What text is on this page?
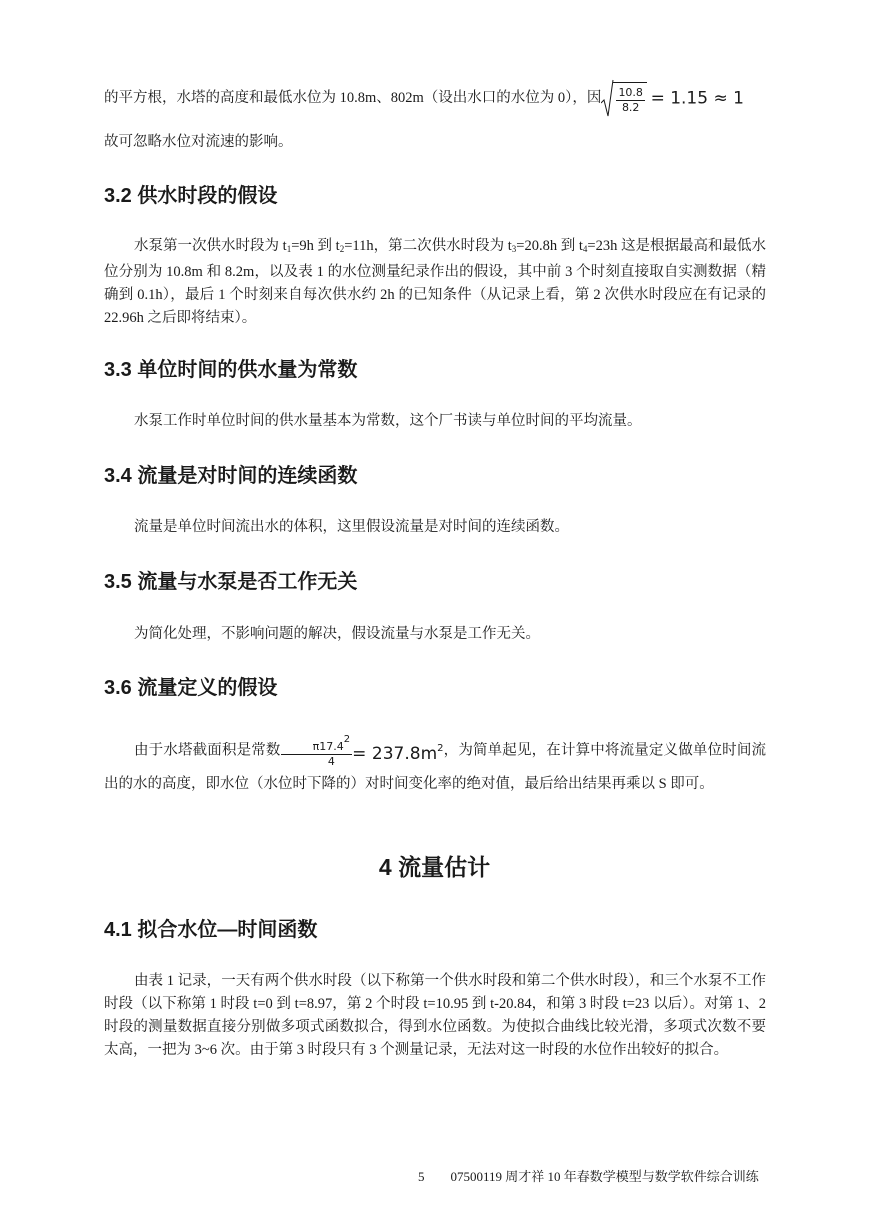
的平方根，水塔的高度和最低水位为 10.8m、802m（设出水口的水位为 0），因 $\frac{10.8}{8.2} = 1.15 \approx 1$

故可忽略水位对流速的影响。

3.2 供水时段的假设

水泵第一次供水时段为 $t_1=9h$ 到 $t_2=11h$，第二次供水时段为 $t_3=20.8h$ 到 $t_4=23h$ 这是根据最高和最低水位分别为 10.8m 和 8.2m，以及表 1 的水位测量纪录作出的假设，其中前 3 个时刻直接取自实测数据（精确到 0.1h），最后 1 个时刻来自每次供水约 2h 的已知条件（从记录上看，第 2 次供水时段应在有记录的 22.96h 之后即将结束）。

3.3 单位时间的供水量为常数

水泵工作时单位时间的供水量基本为常数，这个厂书读与单位时间的平均流量。

3.4 流量是对时间的连续函数

流量是单位时间流出水的体积，这里假设流量是对时间的连续函数。

3.5 流量与水泵是否工作无关

为简化处理，不影响问题的解决，假设流量与水泵是工作无关。

3.6 流量定义的假设

由于水塔截面积是常数 $\frac{\pi 17.42}{4} = 237.8m^2$，为简单起见，在计算中将流量定义做单位时间流出的水的高度，即水位（水位时下降的）对时间变化率的绝对值，最后给出结果再乘以 S 即可。

4 流量估计
4.1 拟合水位—时间函数

由表 1 记录，一天有两个供水时段（以下称第一个供水时段和第二个供水时段），和三个水泵不工作时段（以下称第 1 时段 t=0 到 t=8.97，第 2 个时段 t=10.95 到 t-20.84，和第 3 时段 t=23 以后）。对第 1、2 时段的测量数据直接分别做多项式函数拟合，得到水位函数。为使拟合曲线比较光滑，多项式次数不要太高，一把为 3~6 次。由于第 3 时段只有 3 个测量记录，无法对这一时段的水位作出较好的拟合。

5 07500119 周才祥 10 年春数学模型与数学软件综合训练
